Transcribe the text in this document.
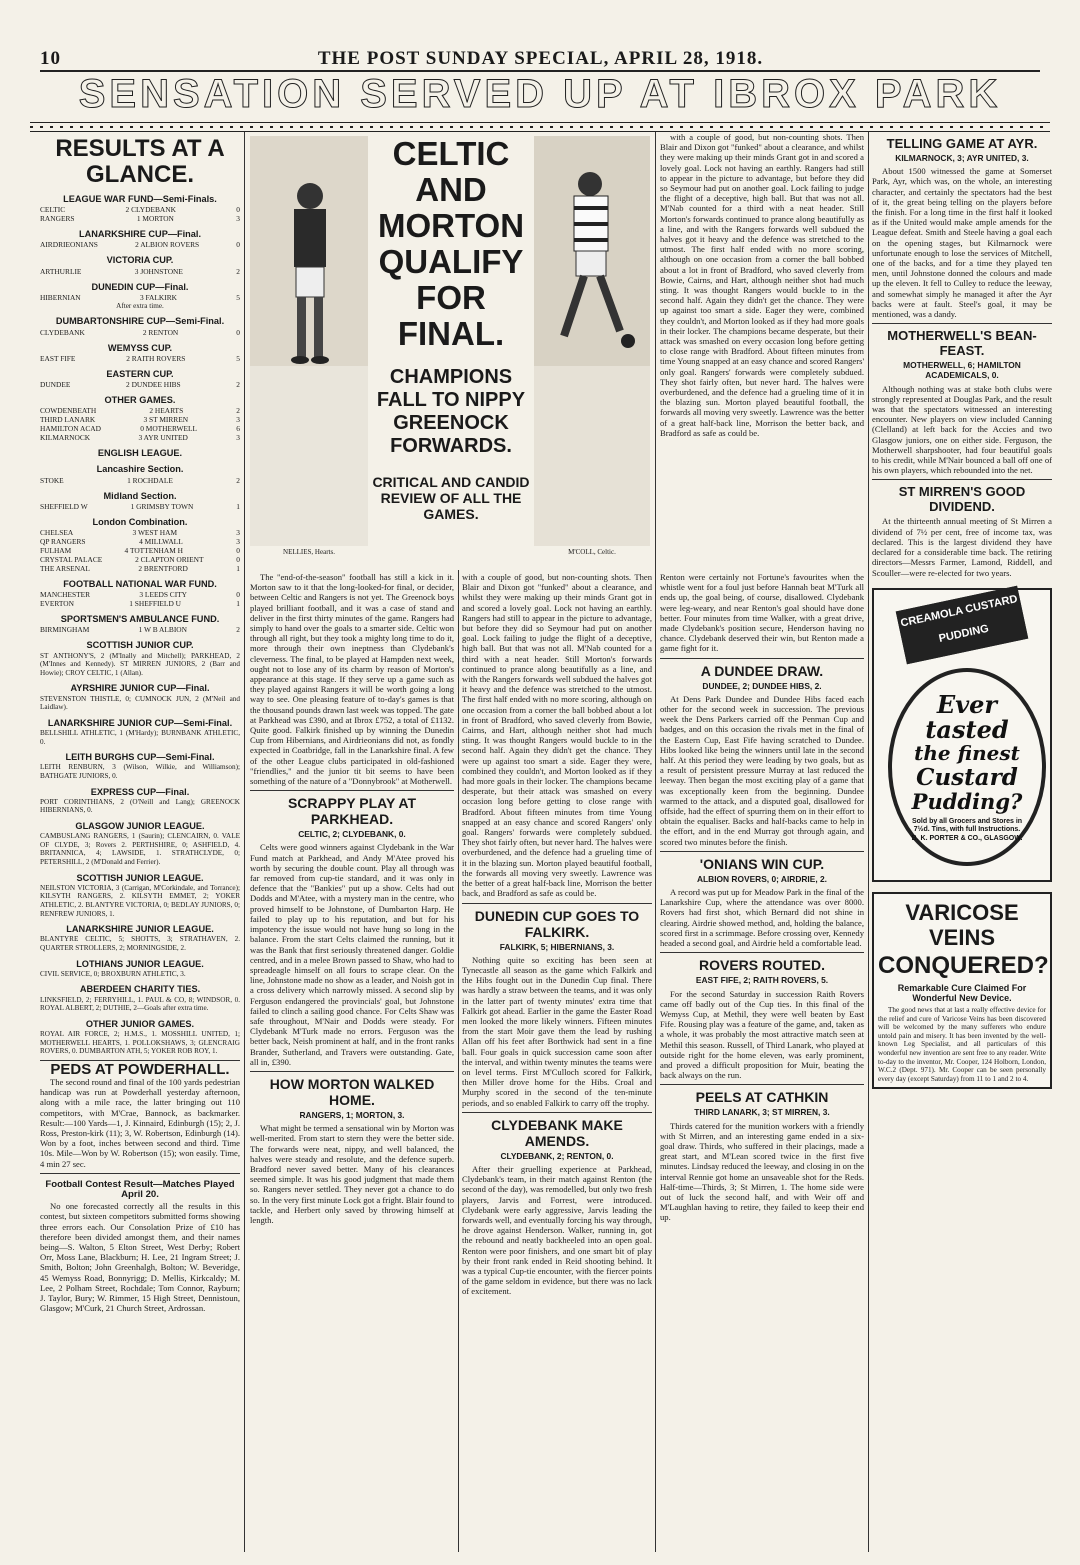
10	THE POST SUNDAY SPECIAL, APRIL 28, 1918.
SENSATION SERVED UP AT IBROX PARK
RESULTS AT A GLANCE.
LEAGUE WAR FUND—Semi-Finals.
CELTIC	2 CLYDEBANK	0
RANGERS	1 MORTON	3
LANARKSHIRE CUP—Final.
AIRDRIEONIANS	2 ALBION ROVERS	0
VICTORIA CUP.
ARTHURLIE	3 JOHNSTONE	2
DUNEDIN CUP—Final.
HIBERNIAN	3 FALKIRK	5
After extra time.
DUMBARTONSHIRE CUP—Semi-Final.
CLYDEBANK	2 RENTON	0
WEMYSS CUP.
EAST FIFE	2 RAITH ROVERS	5
EASTERN CUP.
DUNDEE	2 DUNDEE HIBS	2
OTHER GAMES.
COWDENBEATH	2 HEARTS	2
THIRD LANARK	3 ST MIRREN	3
HAMILTON ACAD	0 MOTHERWELL	6
KILMARNOCK	3 AYR UNITED	3
ENGLISH LEAGUE.
Lancashire Section.
STOKE	1 ROCHDALE	2
Midland Section.
SHEFFIELD W	1 GRIMSBY TOWN	1
London Combination.
CHELSEA	3 WEST HAM	3
QP RANGERS	4 MILLWALL	3
FULHAM	4 TOTTENHAM H	0
CRYSTAL PALACE	2 CLAPTON ORIENT	0
THE ARSENAL	2 BRENTFORD	1
FOOTBALL NATIONAL WAR FUND.
MANCHESTER	3 LEEDS CITY	0
EVERTON	1 SHEFFIELD U	1
SPORTSMEN'S AMBULANCE FUND.
BIRMINGHAM	1 W B ALBION	2
SCOTTISH JUNIOR CUP.
ST ANTHONY'S, 2 (M'Inally and Mitchell); PARKHEAD, 2 (M'Innes and Kennedy). ST MIRREN JUNIORS, 2 (Barr and Howie); CROY CELTIC, 1 (Allan).
AYRSHIRE JUNIOR CUP—Final.
STEVENSTON THISTLE, 0; CUMNOCK JUN, 2 (M'Neil and Laidlaw).
LANARKSHIRE JUNIOR CUP—Semi-Final.
BELLSHILL ATHLETIC, 1 (M'Hardy); BURNBANK ATHLETIC, 0.
LEITH BURGHS CUP—Semi-Final.
LEITH RENBURN, 3 (Wilson, Wilkie, and Williamson); BATHGATE JUNIORS, 0.
EXPRESS CUP—Final.
PORT CORINTHIANS, 2 (O'Neill and Lang); GREENOCK HIBERNIANS, 0.
GLASGOW JUNIOR LEAGUE.
CAMBUSLANG RANGERS, 1 (Saurin); CLENCAIRN, 0. VALE OF CLYDE, 3; Rovers 2. PERTHSHIRE, 0; ASHFIELD, 4. BRITANNICA, 4; LAWSIDE, 1. STRATHCLYDE, 0; PETERSHILL, 2 (M'Donald and Ferrier).
SCOTTISH JUNIOR LEAGUE.
NEILSTON VICTORIA, 3 (Carrigan, M'Corkindale, and Torrance); KILSYTH RANGERS, 2. KILSYTH EMMET, 2; YOKER ATHLETIC, 2. BLANTYRE VICTORIA, 0; BEDLAY JUNIORS, 0; RENFREW JUNIORS, 1.
LANARKSHIRE JUNIOR LEAGUE.
BLANTYRE CELTIC, 5; SHOTTS, 3; STRATHAVEN, 2. QUARTER STROLLERS, 2; MORNINGSIDE, 2.
LOTHIANS JUNIOR LEAGUE.
CIVIL SERVICE, 0; BROXBURN ATHLETIC, 3.
ABERDEEN CHARITY TIES.
LINKSFIELD, 2; FERRYHILL, 1. PAUL & CO, 8; WINDSOR, 0. ROYAL ALBERT, 2; DUTHIE, 2—Goals after extra time.
OTHER JUNIOR GAMES.
ROYAL AIR FORCE, 2; H.M.S., 1. MOSSHILL UNITED, 1; MOTHERWELL HEARTS, 1. POLLOKSHAWS, 3; GLENCRAIG ROVERS, 0. DUMBARTON ATH, 5; YOKER ROB ROY, 1.
PEDS AT POWDERHALL.

The second round and final of the 100 yards pedestrian handicap was run at Powderhall yesterday afternoon, along with a mile race, the latter bringing out 110 competitors, with M'Crae, Bannock, as backmarker. Result:—100 Yards—1, J. Kinnaird, Edinburgh (15); 2, J. Ross, Preston-kirk (11); 3, W. Robertson, Edinburgh (14). Won by a foot, inches between second and third. Time 10s. Mile—Won by W. Robertson (15); won easily. Time, 4 min 27 sec.

Football Contest Result—Matches Played April 20.

No one forecasted correctly all the results in this contest, but sixteen competitors submitted forms showing three errors each. Our Consolation Prize of £10 has therefore been divided amongst them, and their names being—S. Walton, 5 Elton Street, West Derby; Robert Orr, Moss Lane, Blackburn; H. Lee, 21 Ingram Street; J. Smith, Bolton; John Greenhalgh, Bolton; W. Beveridge, 45 Wemyss Road, Bonnyrigg; D. Mellis, Kirkcaldy; M. Lee, 2 Polham Street, Rochdale; Tom Connor, Rayburn; J. Taylor, Bury; W. Rimmer, 15 High Street, Dennistoun, Glasgow; M'Curk, 21 Church Street, Ardrossan.

NELLIES, Hearts.
CELTIC AND MORTON QUALIFY FOR FINAL.
CHAMPIONS FALL TO NIPPY GREENOCK FORWARDS.
CRITICAL AND CANDID REVIEW OF ALL THE GAMES.
M'COLL, Celtic.

The "end-of-the-season" football has still a kick in it. Morton saw to it that the long-looked-for final, or decider, between Celtic and Rangers is not yet. The Greenock boys played brilliant football, and it was a case of stand and deliver in the first thirty minutes of the game. Rangers had simply to hand over the goals to a smarter side. Celtic won through all right, but they took a mighty long time to do it, more through their own ineptness than Clydebank's cleverness. The final, to be played at Hampden next week, ought not to lose any of its charm by reason of Morton's appearance at this stage. If they serve up a game such as they played against Rangers it will be worth going a long way to see. One pleasing feature of to-day's games is that the thousand pounds drawn last week was topped. The gate at Parkhead was £390, and at Ibrox £752, a total of £1132. Quite good. Falkirk finished up by winning the Dunedin Cup from Hibernians, and Airdrieonians did not, as fondly expected in Coatbridge, fall in the Lanarkshire final. A few of the other League clubs participated in old-fashioned "friendlies," and the junior tit bit seems to have been something of the nature of a "Donnybrook" at Motherwell.

SCRAPPY PLAY AT PARKHEAD.
CELTIC, 2; CLYDEBANK, 0.

Celts were good winners against Clydebank in the War Fund match at Parkhead, and Andy M'Atee proved his worth by securing the double count. Play all through was far removed from cup-tie standard, and it was only in defence that the "Bankies" put up a show. Celts had out Dodds and M'Atee, with a mystery man in the centre, who proved himself to be Johnstone, of Dumbarton Harp. He failed to play up to his reputation, and but for his impotency the issue would not have hung so long in the balance. From the start Celts claimed the running, but it was the Bank that first seriously threatened danger. Goldie centred, and in a melee Brown passed to Shaw, who had to spreadeagle himself on all fours to scrape clear. On the line, Johnstone made no show as a leader, and Noish got in a cross delivery which narrowly missed. A second slip by Ferguson endangered the provincials' goal, but Johnstone failed to clinch a sailing good chance. For Celts Shaw was safe throughout, M'Nair and Dodds were steady. For Clydebank M'Turk made no errors. Ferguson was the better back, Neish prominent at half, and in the front ranks Brander, Sutherland, and Travers were outstanding. Gate, all in, £390.

HOW MORTON WALKED HOME.
RANGERS, 1; MORTON, 3.

What might be termed a sensational win by Morton was well-merited. From start to stern they were the better side. The forwards were neat, nippy, and well balanced, the halves were steady and resolute, and the defence superb. Bradford never saved better. Many of his clearances seemed simple. It was his good judgment that made them so. Rangers never settled. They never got a chance to do so. In the very first minute Lock got a fright. Blair found to tackle, and Herbert only saved by throwing himself at length.

with a couple of good, but non-counting shots. Then Blair and Dixon got "funked" about a clearance, and whilst they were making up their minds Grant got in and scored a lovely goal. Lock not having an earthly. Rangers had still to appear in the picture to advantage, but before they did so Seymour had put on another goal. Lock failing to judge the flight of a deceptive, high ball. But that was not all. M'Nab counted for a third with a neat header. Still Morton's forwards continued to prance along beautifully as a line, and with the Rangers forwards well subdued the halves got it heavy and the defence was stretched to the utmost. The first half ended with no more scoring, although on one occasion from a corner the ball bobbed about a lot in front of Bradford, who saved cleverly from Bowie, Cairns, and Hart, although neither shot had much sting. It was thought Rangers would buckle to in the second half. Again they didn't get the chance. They were up against too smart a side. Eager they were, combined they couldn't, and Morton looked as if they had more goals in their locker. The champions became desperate, but their attack was smashed on every occasion long before getting to close range with Bradford. About fifteen minutes from time Young snapped at an easy chance and scored Rangers' only goal. Rangers' forwards were completely subdued. They shot fairly often, but never hard. The halves were overburdened, and the defence had a grueling time of it in the blazing sun. Morton played beautiful football, the forwards all moving very sweetly. Lawrence was the better of a great half-back line, Morrison the better back, and Bradford as safe as could be.

DUNEDIN CUP GOES TO FALKIRK.
FALKIRK, 5; HIBERNIANS, 3.

Nothing quite so exciting has been seen at Tynecastle all season as the game which Falkirk and the Hibs fought out in the Dunedin Cup final. There was hardly a straw between the teams, and it was only in the latter part of twenty minutes' extra time that Falkirk got ahead. Earlier in the game the Easter Road men looked the more likely winners. Fifteen minutes from the start Moir gave them the lead by rushing Allan off his feet after Borthwick had sent in a fine ball. Four goals in quick succession came soon after the interval, and within twenty minutes the teams were on level terms. First M'Culloch scored for Falkirk, then Miller drove home for the Hibs. Croal and Murphy scored in the second of the ten-minute periods, and so enabled Falkirk to carry off the trophy.

CLYDEBANK MAKE AMENDS.
CLYDEBANK, 2; RENTON, 0.

After their gruelling experience at Parkhead, Clydebank's team, in their match against Renton (the second of the day), was remodelled, but only two fresh players, Jarvis and Forrest, were introduced. Clydebank were early aggressive, Jarvis leading the forwards well, and eventually forcing his way through, he drove against Henderson. Walker, running in, got the rebound and neatly backheeled into an open goal. Renton were poor finishers, and one smart bit of play by their front rank ended in Reid shooting behind. It was a typical Cup-tie encounter, with the fiercer points of the game seldom in evidence, but there was no lack of excitement.

Renton were certainly not Fortune's favourites when the whistle went for a foul just before Hannah beat M'Turk all ends up, the goal being, of course, disallowed. Clydebank were leg-weary, and near Renton's goal should have done better. Four minutes from time Walker, with a great drive, made Clydebank's position secure, Henderson having no chance. Clydebank deserved their win, but Renton made a game fight for it.

A DUNDEE DRAW.
DUNDEE, 2; DUNDEE HIBS, 2.

At Dens Park Dundee and Dundee Hibs faced each other for the second week in succession. The previous week the Dens Parkers carried off the Penman Cup and badges, and on this occasion the rivals met in the final of the Eastern Cup, East Fife having scratched to Dundee. Hibs looked like being the winners until late in the second half. At this period they were leading by two goals, but as a result of persistent pressure Murray at last reduced the leeway. Then began the most exciting play of a game that was exceptionally keen from the beginning. Dundee warmed to the attack, and a disputed goal, disallowed for offside, had the effect of spurring them on in their effort to obtain the equaliser. Backs and half-backs came to help in the effort, and in the end Murray got through again, and scored two minutes before the finish.

'ONIANS WIN CUP.
ALBION ROVERS, 0; AIRDRIE, 2.

A record was put up for Meadow Park in the final of the Lanarkshire Cup, where the attendance was over 8000. Rovers had first shot, which Bernard did not shine in clearing. Airdrie showed method, and, holding the balance, scored first in a scrimmage. Before crossing over, Kennedy headed a second goal, and Airdrie held a comfortable lead.

ROVERS ROUTED.
EAST FIFE, 2; RAITH ROVERS, 5.

For the second Saturday in succession Raith Rovers came off badly out of the Cup ties. In this final of the Wemyss Cup, at Methil, they were well beaten by East Fife. Rousing play was a feature of the game, and, taken as a whole, it was probably the most attractive match seen at Methil this season. Russell, of Third Lanark, who played at outside right for the home eleven, was early prominent, and proved a difficult proposition for Muir, beating the back always on the run.

PEELS AT CATHKIN
THIRD LANARK, 3; ST MIRREN, 3.

Thirds catered for the munition workers with a friendly with St Mirren, and an interesting game ended in a six-goal draw. Thirds, who suffered in their placings, made a great start, and M'Lean scored twice in the first five minutes. Lindsay reduced the leeway, and closing in on the interval Rennie got home an unsaveable shot for the Reds. Half-time—Thirds, 3; St Mirren, 1. The home side were out of luck the second half, and with Weir off and M'Laughlan having to retire, they failed to keep their end up.

with a couple of good, but non-counting shots. Then Blair and Dixon got "funked" about a clearance, and whilst they were making up their minds Grant got in and scored a lovely goal. Lock not having an earthly. Rangers had still to appear in the picture to advantage, but before they did so Seymour had put on another goal. Lock failing to judge the flight of a deceptive, high ball. But that was not all. M'Nab counted for a third with a neat header. Still Morton's forwards continued to prance along beautifully as a line, and with the Rangers forwards well subdued the halves got it heavy and the defence was stretched to the utmost. The first half ended with no more scoring, although on one occasion from a corner the ball bobbed about a lot in front of Bradford, who saved cleverly from Bowie, Cairns, and Hart, although neither shot had much sting. It was thought Rangers would buckle to in the second half. Again they didn't get the chance. They were up against too smart a side. Eager they were, combined they couldn't, and Morton looked as if they had more goals in their locker. The champions became desperate, but their attack was smashed on every occasion long before getting to close range with Bradford. About fifteen minutes from time Young snapped at an easy chance and scored Rangers' only goal. Rangers' forwards were completely subdued. They shot fairly often, but never hard. The halves were overburdened, and the defence had a grueling time of it in the blazing sun. Morton played beautiful football, the forwards all moving very sweetly. Lawrence was the better of a great half-back line, Morrison the better back, and Bradford as safe as could be.

TELLING GAME AT AYR.
KILMARNOCK, 3; AYR UNITED, 3.

About 1500 witnessed the game at Somerset Park, Ayr, which was, on the whole, an interesting character, and certainly the spectators had the best of it, the great being telling on the players before the finish. For a long time in the first half it looked as if the United would make ample amends for the League defeat. Smith and Steele having a goal each on the opening stages, but Kilmarnock were unfortunate enough to lose the services of Mitchell, one of the backs, and for a time they played ten men, until Johnstone donned the colours and made up the eleven. It fell to Culley to reduce the leeway, and somewhat simply he managed it after the Ayr backs were at fault. Steel's goal, it may be mentioned, was a dandy.

MOTHERWELL'S BEAN-FEAST.
MOTHERWELL, 6; HAMILTON ACADEMICALS, 0.

Although nothing was at stake both clubs were strongly represented at Douglas Park, and the result was that the spectators witnessed an interesting encounter. New players on view included Canning (Clelland) at left back for the Accies and two Glasgow juniors, one on either side. Ferguson, the Motherwell sharpshooter, had four beautiful goals to his credit, while M'Nair bounced a ball off one of his own players, which rebounded into the net.

ST MIRREN'S GOOD DIVIDEND.

At the thirteenth annual meeting of St Mirren a dividend of 7½ per cent, free of income tax, was declared. This is the largest dividend they have declared for a considerable time back. The retiring directors—Messrs Farmer, Lamond, Riddell, and Scouller—were re-elected for two years.

CREAMOLA CUSTARD PUDDING
Ever
tasted
the finest
Custard
Pudding?
Sold by all Grocers and Stores in 7½d. Tins, with full Instructions.
B. K. PORTER & CO., GLASGOW.
VARICOSE VEINS
CONQUERED?
Remarkable Cure Claimed For Wonderful New Device.

The good news that at last a really effective device for the relief and cure of Varicose Veins has been discovered will be welcomed by the many sufferers who endure untold pain and misery. It has been invented by the well-known Leg Specialist, and all particulars of this wonderful new invention are sent free to any reader. Write to-day to the inventor, Mr. Cooper, 124 Holborn, London, W.C.2 (Dept. 971). Mr. Cooper can be seen personally every day (except Saturday) from 11 to 1 and 2 to 4.
